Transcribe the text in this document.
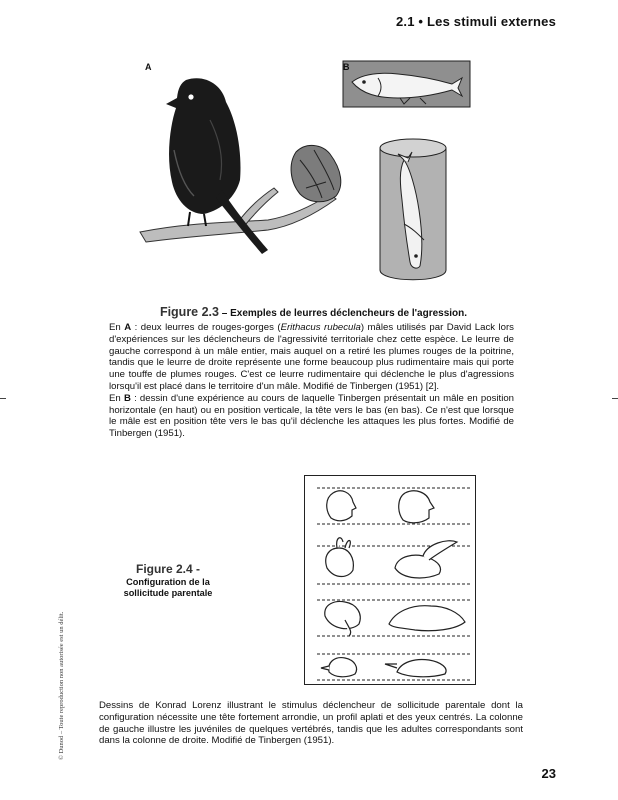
2.1 • Les stimuli externes
A	B
Figure 2.3 – Exemples de leurres déclencheurs de l'agression.

En A : deux leurres de rouges-gorges (Erithacus rubecula) mâles utilisés par David Lack lors d'expériences sur les déclencheurs de l'agressivité territoriale chez cette espèce. Le leurre de gauche correspond à un mâle entier, mais auquel on a retiré les plumes rouges de la poitrine, tandis que le leurre de droite représente une forme beaucoup plus rudimentaire mais qui porte une touffe de plumes rouges. C'est ce leurre rudimentaire qui déclenche le plus d'agressions lorsqu'il est placé dans le territoire d'un mâle. Modifié de Tinbergen (1951) [2].

En B : dessin d'une expérience au cours de laquelle Tinbergen présentait un mâle en position horizontale (en haut) ou en position verticale, la tête vers le bas (en bas). Ce n'est que lorsque le mâle est en position tête vers le bas qu'il déclenche les attaques les plus fortes. Modifié de Tinbergen (1951).

Figure 2.4 -
Configuration de la sollicitude parentale
Dessins de Konrad Lorenz illustrant le stimulus déclencheur de sollicitude parentale dont la configuration nécessite une tête fortement arrondie, un profil aplati et des yeux centrés. La colonne de gauche illustre les juvéniles de quelques vertébrés, tandis que les adultes correspondants sont dans la colonne de droite. Modifié de Tinbergen (1951).
© Dunod – Toute reproduction non autorisée est un délit.
23
